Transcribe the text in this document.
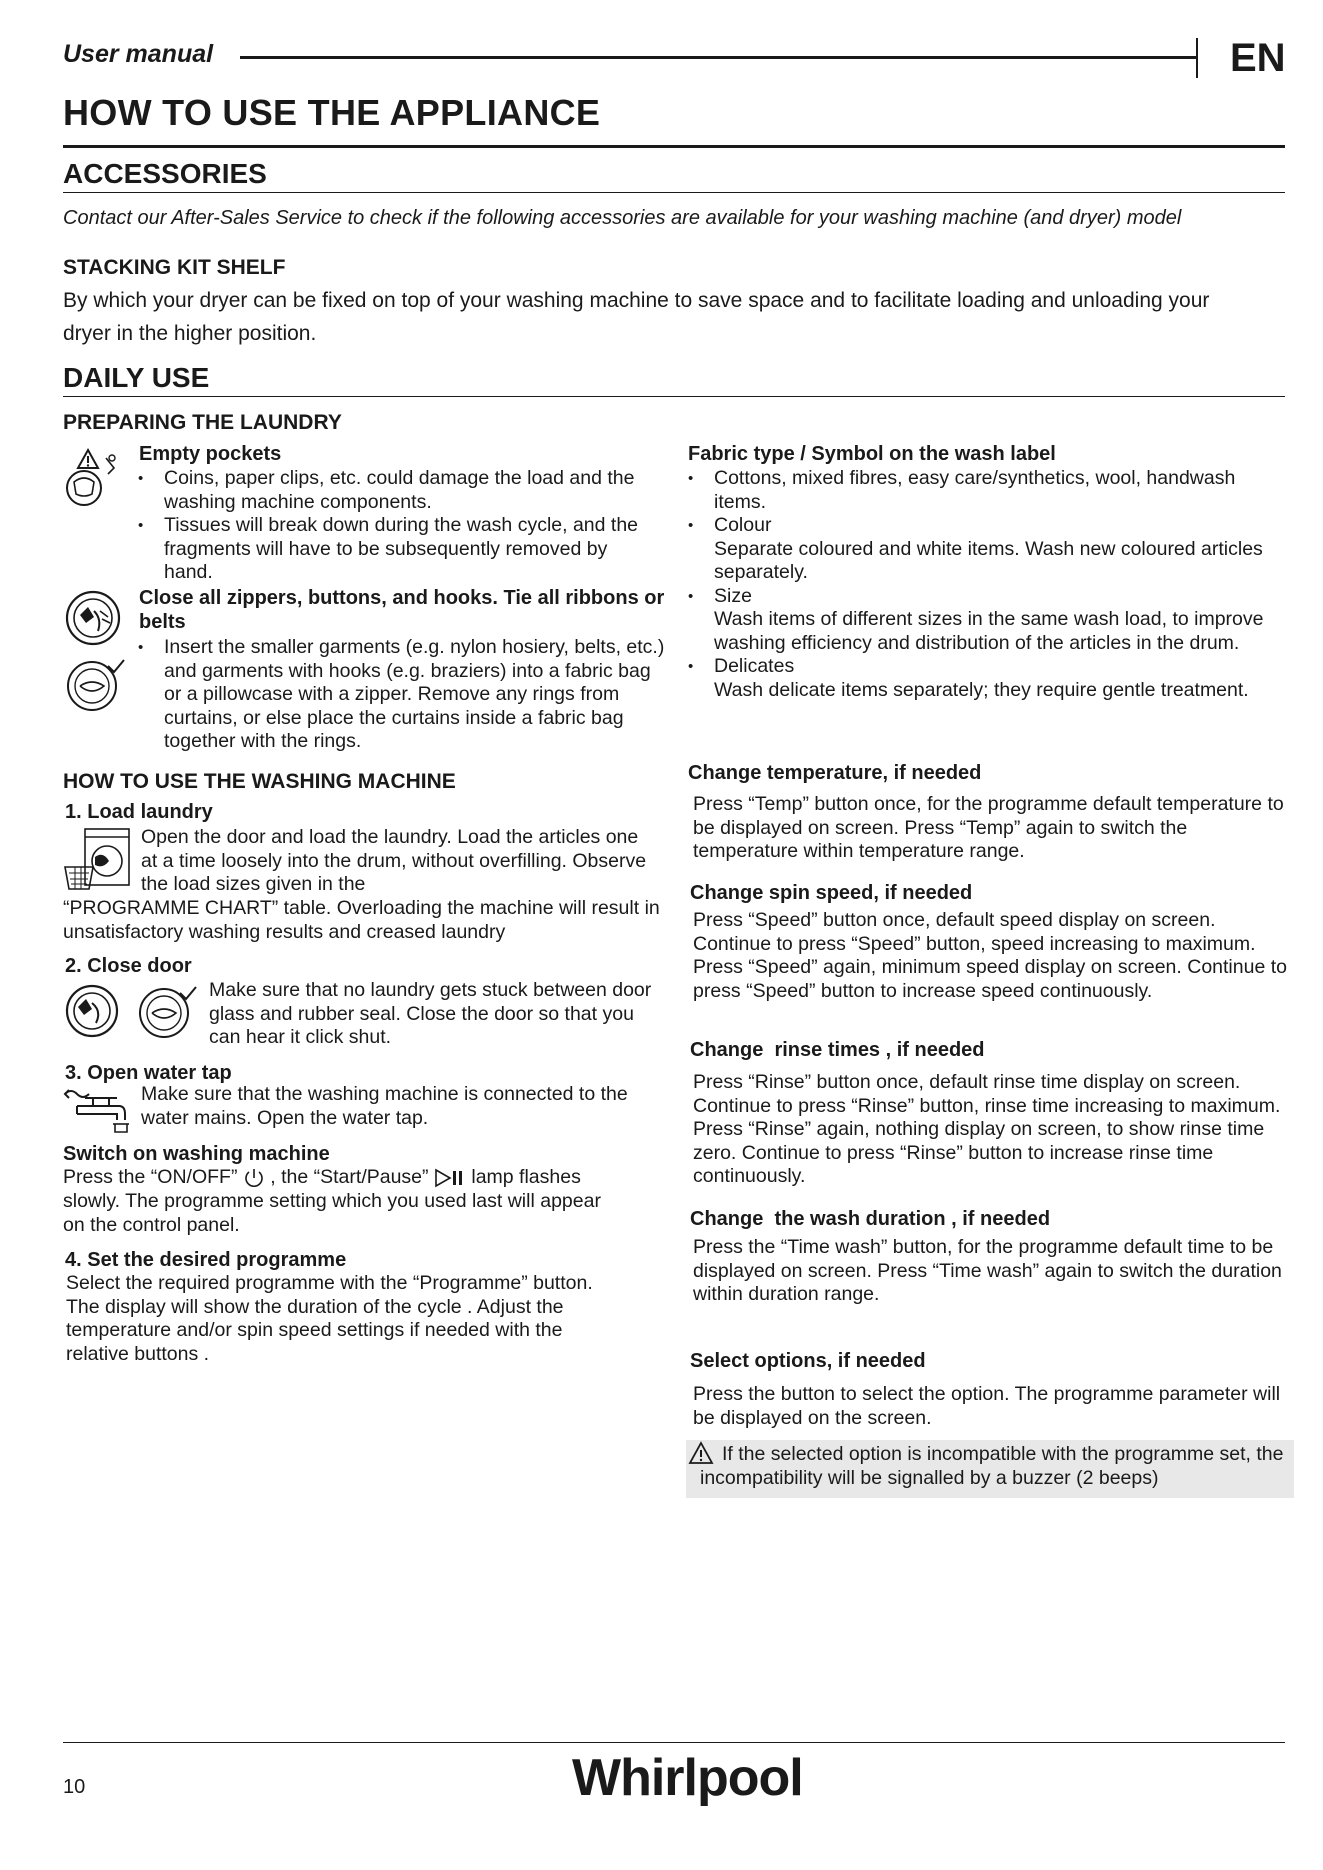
User manual	EN
HOW TO USE THE APPLIANCE
ACCESSORIES
Contact our After-Sales Service to check if the following accessories are available for your washing machine (and dryer) model
STACKING KIT SHELF
By which your dryer can be fixed on top of your washing machine to save space and to facilitate loading and unloading your dryer in the higher position.
DAILY USE
PREPARING THE LAUNDRY
Empty pockets
• Coins, paper clips, etc. could damage the load and the washing machine components.
• Tissues will break down during the wash cycle, and the fragments will have to be subsequently removed by hand.
Close all zippers, buttons, and hooks. Tie all ribbons or belts
• Insert the smaller garments (e.g. nylon hosiery, belts, etc.) and garments with hooks (e.g. braziers) into a fabric bag or a pillowcase with a zipper. Remove any rings from curtains, or else place the curtains inside a fabric bag together with the rings.
HOW TO USE THE WASHING MACHINE
1. Load laundry
Open the door and load the laundry. Load the articles one at a time loosely into the drum, without overfilling. Observe the load sizes given in the
“PROGRAMME CHART” table. Overloading the machine will result in unsatisfactory washing results and creased laundry
2. Close door
Make sure that no laundry gets stuck between door glass and rubber seal. Close the door so that you can hear it click shut.
3. Open water tap
Make sure that the washing machine is connected to the water mains. Open the water tap.
Switch on washing machine
Press the “ON/OFF” , the “Start/Pause” lamp flashes
slowly. The programme setting which you used last will appear on the control panel.
4. Set the desired programme
Select the required programme with the “Programme” button. The display will show the duration of the cycle . Adjust the temperature and/or spin speed settings if needed with the relative buttons .
Fabric type / Symbol on the wash label
• Cottons, mixed fibres, easy care/synthetics, wool, handwash items.
• Colour
Separate coloured and white items. Wash new coloured articles separately.
• Size
Wash items of different sizes in the same wash load, to improve washing efficiency and distribution of the articles in the drum.
• Delicates
Wash delicate items separately; they require gentle treatment.
Change temperature, if needed
Press “Temp” button once, for the programme default temperature to be displayed on screen. Press “Temp” again to switch the temperature within temperature range.
Change spin speed, if needed
Press “Speed” button once, default speed display on screen. Continue to press “Speed” button, speed increasing to maximum. Press “Speed” again, minimum speed display on screen. Continue to press “Speed” button to increase speed continuously.
Change  rinse times , if needed
Press “Rinse” button once, default rinse time display on screen. Continue to press “Rinse” button, rinse time increasing to maximum. Press “Rinse” again, nothing display on screen, to show rinse time zero. Continue to press “Rinse” button to increase rinse time continuously.
Change  the wash duration , if needed
Press the “Time wash” button, for the programme default time to be displayed on screen. Press “Time wash” again to switch the duration within duration range.
Select options, if needed
Press the button to select the option. The programme parameter will be displayed on the screen.
If the selected option is incompatible with the programme set, the incompatibility will be signalled by a buzzer (2 beeps)
10	Whirlpool
